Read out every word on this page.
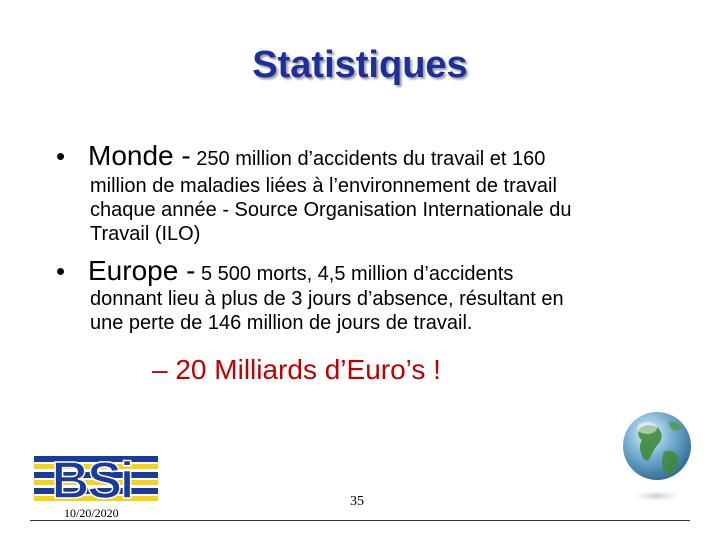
Statistiques
• Monde - 250 million d’accidents du travail et 160
million de maladies liées à l’environnement de travail
chaque année - Source Organisation Internationale du
Travail (ILO)
• Europe - 5 500 morts, 4,5 million d’accidents
donnant lieu à plus de 3 jours d’absence, résultant en
une perte de 146 million de jours de travail.
– 20 Milliards d’Euro’s !
BSi
10/20/2020
35
